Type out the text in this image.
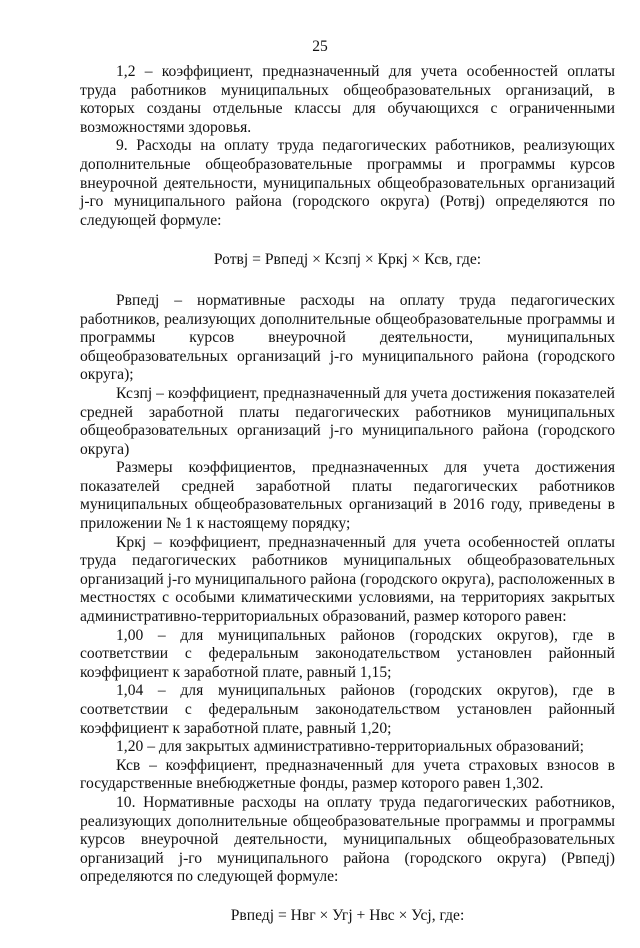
25

1,2 – коэффициент, предназначенный для учета особенностей оплаты труда работников муниципальных общеобразовательных организаций, в которых созданы отдельные классы для обучающихся с ограниченными возможностями здоровья.

9. Расходы на оплату труда педагогических работников, реализующих дополнительные общеобразовательные программы и программы курсов внеурочной деятельности, муниципальных общеобразовательных организаций j-го муниципального района (городского округа) (Ротвj) определяются по следующей формуле:

Ротвj = Рвпедj × Ксзпj × Кркj × Ксв, где:

Рвпедj – нормативные расходы на оплату труда педагогических работников, реализующих дополнительные общеобразовательные программы и программы курсов внеурочной деятельности, муниципальных общеобразовательных организаций j-го муниципального района (городского округа);

Ксзпj – коэффициент, предназначенный для учета достижения показателей средней заработной платы педагогических работников муниципальных общеобразовательных организаций j-го муниципального района (городского округа)

Размеры коэффициентов, предназначенных для учета достижения показателей средней заработной платы педагогических работников муниципальных общеобразовательных организаций в 2016 году, приведены в приложении № 1 к настоящему порядку;

Кркj – коэффициент, предназначенный для учета особенностей оплаты труда педагогических работников муниципальных общеобразовательных организаций j-го муниципального района (городского округа), расположенных в местностях с особыми климатическими условиями, на территориях закрытых административно-территориальных образований, размер которого равен:

1,00 – для муниципальных районов (городских округов), где в соответствии с федеральным законодательством установлен районный коэффициент к заработной плате, равный 1,15;

1,04 – для муниципальных районов (городских округов), где в соответствии с федеральным законодательством установлен районный коэффициент к заработной плате, равный 1,20;

1,20 – для закрытых административно-территориальных образований;

Ксв – коэффициент, предназначенный для учета страховых взносов в государственные внебюджетные фонды, размер которого равен 1,302.

10. Нормативные расходы на оплату труда педагогических работников, реализующих дополнительные общеобразовательные программы и программы курсов внеурочной деятельности, муниципальных общеобразовательных организаций j-го муниципального района (городского округа) (Рвпедj) определяются по следующей формуле:

Рвпедj = Нвг × Угj + Нвс × Усj, где:
